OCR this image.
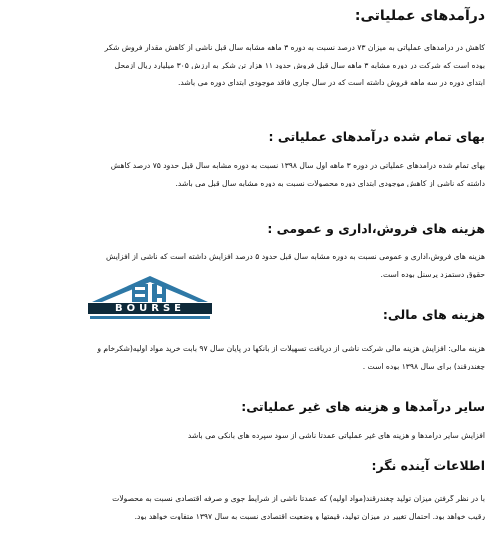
درآمدهای عملیاتی:
کاهش در درآمدهای عملیاتی به میزان ۷۳ درصد نسبت به دوره ۳ ماهه مشابه سال قبل ناشی از کاهش مقدار فروش شکر
بوده است که شرکت در دوره مشابه ۳ ماهه سال قبل فروش حدود ۱۱ هزار تن شکر به ارزش ۳۰۵ میلیارد ریال ازمحل
ابتدای دوره در سه ماهه فروش داشته است که در سال جاری فاقد موجودی ابتدای دوره می باشد.
بهای تمام شده درآمدهای عملیاتی :
بهای تمام شده درآمدهای عملیاتی در دوره ۳ ماهه اول سال ۱۳۹۸ نسبت به دوره مشابه سال قبل حدود ۷۵ درصد کاهش
داشته که ناشی از کاهش موجودی ابتدای دوره محصولات نسبت به دوره مشابه سال قبل می باشد.
هزینه های فروش،اداری و عمومی :
هزینه های فروش،اداری و عمومی نسبت به دوره مشابه سال قبل حدود ۵ درصد افزایش داشته است که ناشی از افزایش
حقوق دستمزد پرسنل بوده است.
BOURSE	هزینه های مالی:
هزینه مالی: افزایش هزینه مالی شرکت ناشی از دریافت تسهیلات از بانکها در پایان سال ۹۷ بابت خرید مواد اولیه(شکرخام و
چغندرقند) برای سال ۱۳۹۸ بوده است .
سایر درآمدها و هزینه های غیر عملیاتی:
افزایش سایر درآمدها و هزینه های غیر عملیاتی عمدتاً ناشی از سود سپرده های بانکی می باشد
اطلاعات آینده نگر:
با در نظر گرفتن میزان تولید چغندرقند(مواد اولیه) که عمدتاً ناشی از شرایط جوی و صرفه اقتصادی نسبت به محصولات
رقیب خواهد بود. احتمال تغییر در میزان تولید، قیمتها و وضعیت اقتصادی نسبت به سال ۱۳۹۷ متفاوت خواهد بود.
